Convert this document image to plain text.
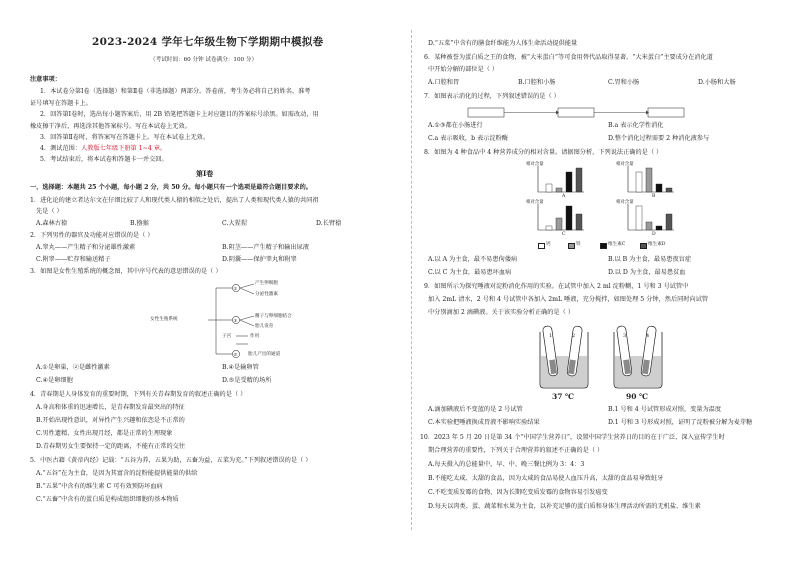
2023-2024 学年七年级生物下学期期中模拟卷
（考试时间：60 分钟 试卷满分：100 分）
注意事项：
1．本试卷分第Ⅰ卷（选择题）和第Ⅱ卷（非选择题）两部分。答卷前，考生务必将自己的姓名、准考
证号填写在答题卡上。
2．回答第Ⅰ卷时，选出每小题答案后，用 2B 铅笔把答题卡上对应题目的答案标号涂黑。如需改动，用
橡皮擦干净后，再选涂其他答案标号。写在本试卷上无效。
3．回答第Ⅱ卷时，将答案写在答题卡上。写在本试卷上无效。
4．测试范围：人教版七年级下册第 1~4 章。
5．考试结束后，将本试卷和答题卡一并交回。
第Ⅰ卷
一、选择题：本题共 25 个小题，每小题 2 分，共 50 分。每小题只有一个选项是最符合题目要求的。
1．进化论的建立者达尔文在仔细比较了人和现代类人猿的相似之处后，提出了人类和现代类人猿的共同祖
先是（ ）
A.森林古猿	B.猕猴	C.大猩猩	D.长臂猿
2．下列男性的器官及功能对应错误的是（ ）
A.睾丸——产生精子和分泌雄性激素	B.阴茎——产生精子和输出尿液
C.附睾——贮存和输送精子	D.阴囊——保护睾丸和附睾
3．如图是女性生殖系统的概念图，其中序号代表的意思错误的是（ ）
女性生殖系统
①
③
⑤
产生卵细胞
分泌性激素
精子与卵细胞结合
胎儿发育
子宫	作用
胎儿产出的通道
A.①是卵巢，②是雌性激素	B.④是输卵管
C.④是卵细胞	D.⑤是受精的场所
4．青春期是人身体发育的重要时期，下列有关青春期发育的叙述正确的是（ ）
A.身高和体重的迅速增长，是青春期发育最突出的特征
B.开始出现性意识，对异性产生兴趣和依恋是不正常的
C.男性遗精、女性出现月经，都是正常的生理现象
D.青春期男女生要保持一定的距离，不能有正常的交往
5．中医古籍《黄帝内经》记载：“五谷为养，五果为助，五畜为益，五菜为充。”下列叙述错误的是（ ）
A.“五谷”在为主食，是因为其富含的淀粉能提供能量的供给
B.“五果”中含有的维生素 C 可有效预防坏血病
C.“五畜”中含有的蛋白质是构成组织细胞的基本物质
D.“五菜”中含有的膳食纤维能为人体生命活动提供能量
6．某种被誉为蛋白质之王的食物，被“大米蛋白”等可食用替代品取得显著。“大米蛋白”主要成分在消化道
中开始分解的部位是（ ）
A.口腔和胃	B.口腔和小肠	C.胃和小肠	D.小肠和大肠
7．如图表示消化的过程，下列叙述错误的是（ ）
A.①③都在小肠进行	B.a 表示化学性消化
C.a 表示吸收，b 表示淀粉酶	D.整个消化过程需要 2 种消化液参与
8．如图为 4 种食品中 4 种营养成分的相对含量。请据图分析，下列说法正确的是（ ）
相对含量	相对含量
相对含量	相对含量
A	B
C	D
钙	铁	维生素C	维生素D
A.以 A 为主食，最不易患佝偻病	B.以 B 为主食，最易患夜盲症
C.以 C 为主食，最易患坏血病	D.以 D 为主食，最易患贫血
9．如图所示为探究唾液对淀粉消化作用的实验。在试管中加入 2 ml 淀粉糊，1 号和 3 号试管中
加入 2mL 清水，2 号和 4 号试管中各加入 2mL 唾液，充分搅拌，如图处理 5 分钟，然后同时向试管
中分别滴加 2 滴碘液。关于该实验分析正确的是（ ）
1	2	3	4
37 ℃	90 ℃
A.滴加碘液后不变蓝的是 2 号试管	B.1 号和 4 号试管形成对照，变量为温度
C.本实验把唾液换成胃液不影响实验结果	D.1 号和 3 号形成对照，证明了淀粉被分解为麦芽糖
10．2023 年 5 月 20 日是第 34 个“中国学生营养日”，设置中国学生营养日的目的在于广泛、深入宣传学生时
期合理营养的重要性，下列关于合理营养的叙述不正确的是（ ）
A.每天摄入的总能量中，早、中、晚三餐比例为 3：4：3
B.不能吃太咸、太甜的食品，因为太咸的食品易使人血压升高，太甜的食品易导致蛀牙
C.不吃变质发霉的食物，因为长期吃变质发霉的食物容易引发癌变
D.每天以肉类、蛋、蔬菜和水果为主食，以补充足够的蛋白质和身体生理活动所需的无机盐、维生素
